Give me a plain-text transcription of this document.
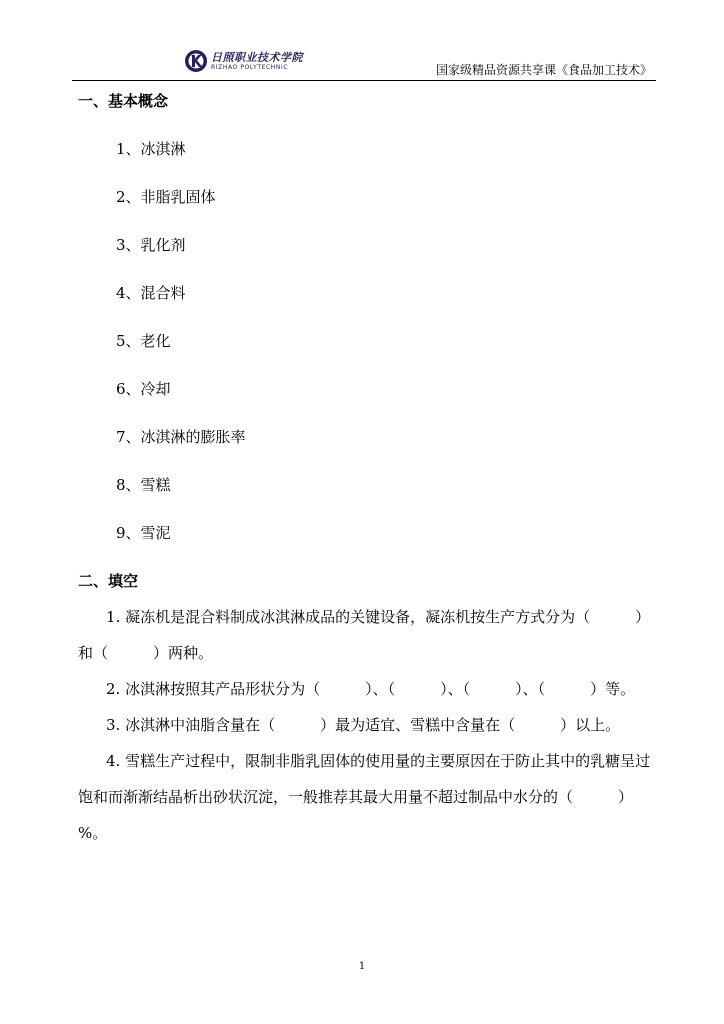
日照职业技术学院
RIZHAO POLYTECHNIC	国家级精品资源共享课《食品加工技术》
一、基本概念
1、冰淇淋
2、非脂乳固体
3、乳化剂
4、混合料
5、老化
6、冷却
7、冰淇淋的膨胀率
8、雪糕
9、雪泥
二、填空

1. 凝冻机是混合料制成冰淇淋成品的关键设备，凝冻机按生产方式分为（　　　）和（　　　）两种。

2. 冰淇淋按照其产品形状分为（　　　）、（　　　）、（　　　）、（　　　）等。

3. 冰淇淋中油脂含量在（　　　）最为适宜、雪糕中含量在（　　　）以上。

4. 雪糕生产过程中，限制非脂乳固体的使用量的主要原因在于防止其中的乳糖呈过饱和而渐渐结晶析出砂状沉淀，一般推荐其最大用量不超过制品中水分的（　　　）%。

1
